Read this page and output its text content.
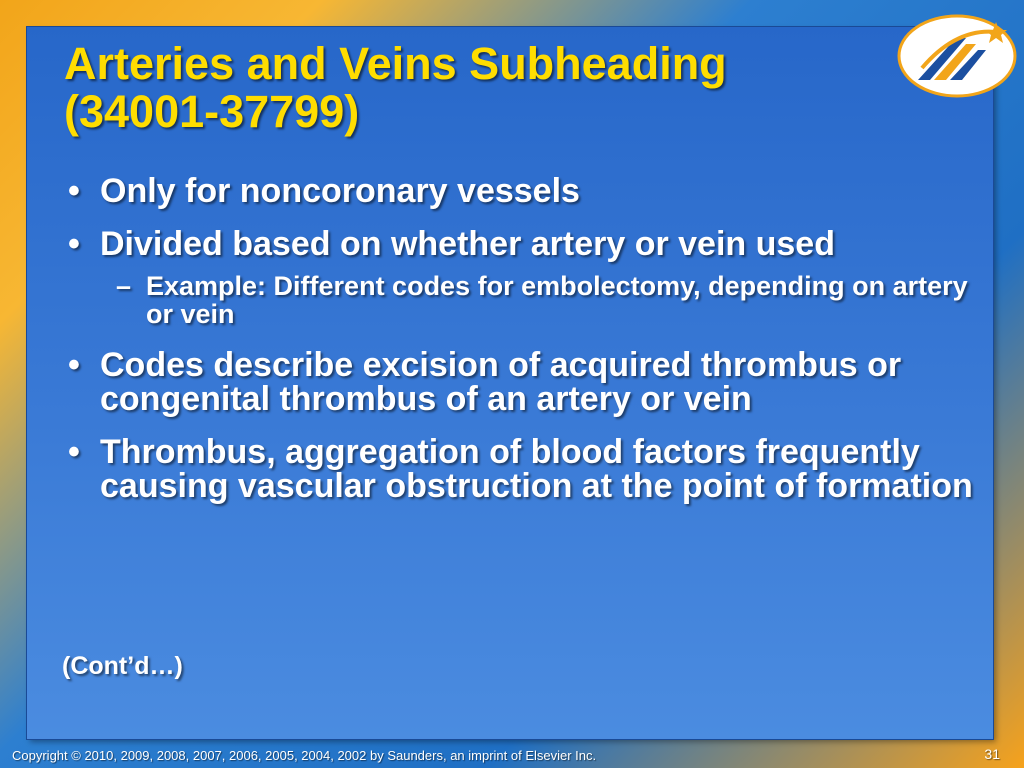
Arteries and Veins Subheading
(34001-37799)
• Only for noncoronary vessels
• Divided based on whether artery or vein used
– Example: Different codes for embolectomy, depending on artery or vein
• Codes describe excision of acquired thrombus or congenital thrombus of an artery or vein
• Thrombus, aggregation of blood factors frequently causing vascular obstruction at the point of formation
(Cont’d…)
Copyright © 2010, 2009, 2008, 2007, 2006, 2005, 2004, 2002 by Saunders, an imprint of Elsevier Inc.	31
